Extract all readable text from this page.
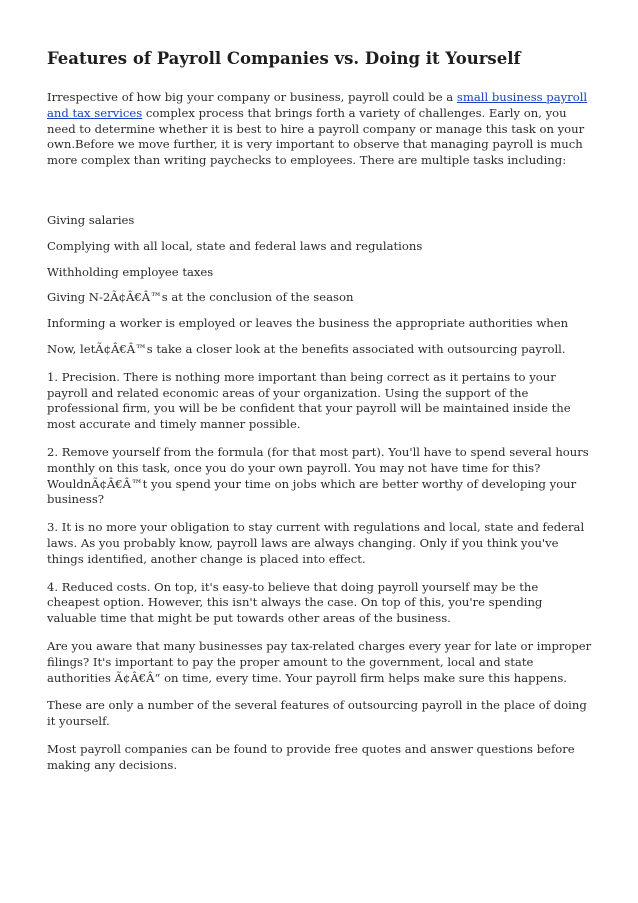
Features of Payroll Companies vs. Doing it Yourself

Irrespective of how big your company or business, payroll could be a small business payroll and tax services complex process that brings forth a variety of challenges. Early on, you need to determine whether it is best to hire a payroll company or manage this task on your own.Before we move further, it is very important to observe that managing payroll is much more complex than writing paychecks to employees. There are multiple tasks including:

Giving salaries

Complying with all local, state and federal laws and regulations

Withholding employee taxes

Giving N-2Ã¢Â€Â™s at the conclusion of the season

Informing a worker is employed or leaves the business the appropriate authorities when

Now, letÃ¢Â€Â™s take a closer look at the benefits associated with outsourcing payroll.

1. Precision. There is nothing more important than being correct as it pertains to your payroll and related economic areas of your organization. Using the support of the professional firm, you will be be confident that your payroll will be maintained inside the most accurate and timely manner possible.

2. Remove yourself from the formula (for that most part). You'll have to spend several hours monthly on this task, once you do your own payroll. You may not have time for this? WouldnÃ¢Â€Â™t you spend your time on jobs which are better worthy of developing your business?

3. It is no more your obligation to stay current with regulations and local, state and federal laws. As you probably know, payroll laws are always changing. Only if you think you've things identified, another change is placed into effect.

4. Reduced costs. On top, it's easy-to believe that doing payroll yourself may be the cheapest option. However, this isn't always the case. On top of this, you're spending valuable time that might be put towards other areas of the business.

Are you aware that many businesses pay tax-related charges every year for late or improper filings? It's important to pay the proper amount to the government, local and state authorities Ã¢Â€Â“ on time, every time. Your payroll firm helps make sure this happens.

These are only a number of the several features of outsourcing payroll in the place of doing it yourself.

Most payroll companies can be found to provide free quotes and answer questions before making any decisions.
